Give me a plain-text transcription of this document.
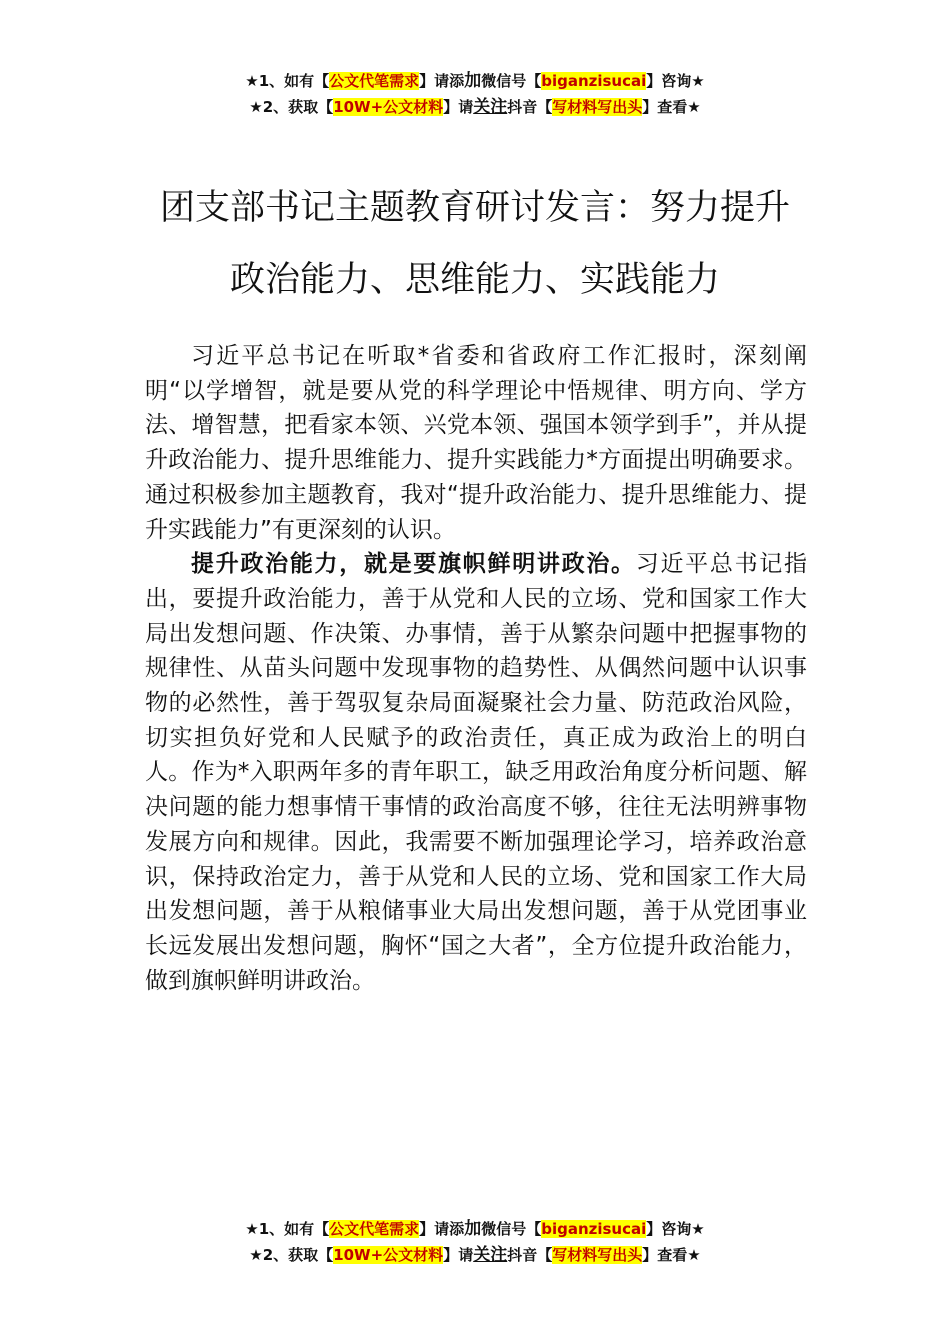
★1、如有【公文代笔需求】请添加微信号【biganzisucai】咨询★
★2、获取【10W+公文材料】请关注抖音【写材料写出头】查看★
团支部书记主题教育研讨发言：努力提升
政治能力、思维能力、实践能力

习近平总书记在听取*省委和省政府工作汇报时，深刻阐明“以学增智，就是要从党的科学理论中悟规律、明方向、学方法、增智慧，把看家本领、兴党本领、强国本领学到手”，并从提升政治能力、提升思维能力、提升实践能力*方面提出明确要求。通过积极参加主题教育，我对“提升政治能力、提升思维能力、提升实践能力”有更深刻的认识。

提升政治能力，就是要旗帜鲜明讲政治。习近平总书记指出，要提升政治能力，善于从党和人民的立场、党和国家工作大局出发想问题、作决策、办事情，善于从繁杂问题中把握事物的规律性、从苗头问题中发现事物的趋势性、从偶然问题中认识事物的必然性，善于驾驭复杂局面凝聚社会力量、防范政治风险，切实担负好党和人民赋予的政治责任，真正成为政治上的明白人。作为*入职两年多的青年职工，缺乏用政治角度分析问题、解决问题的能力想事情干事情的政治高度不够，往往无法明辨事物发展方向和规律。因此，我需要不断加强理论学习，培养政治意识，保持政治定力，善于从党和人民的立场、党和国家工作大局出发想问题，善于从粮储事业大局出发想问题，善于从党团事业长远发展出发想问题，胸怀“国之大者”，全方位提升政治能力，做到旗帜鲜明讲政治。

★1、如有【公文代笔需求】请添加微信号【biganzisucai】咨询★
★2、获取【10W+公文材料】请关注抖音【写材料写出头】查看★
